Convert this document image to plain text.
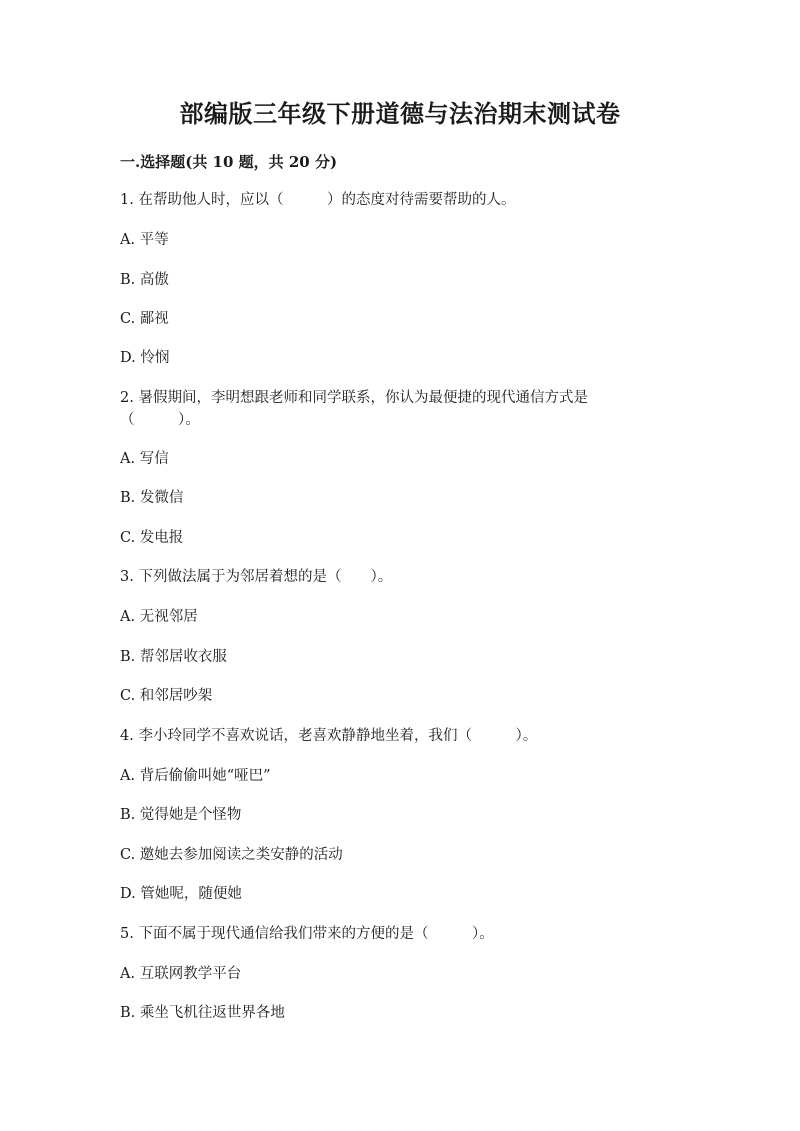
部编版三年级下册道德与法治期末测试卷
一.选择题(共 10 题，共 20 分)
1. 在帮助他人时，应以（　　　）的态度对待需要帮助的人。
A. 平等
B. 高傲
C. 鄙视
D. 怜悯
2. 暑假期间，李明想跟老师和同学联系，你认为最便捷的现代通信方式是
（　　　）。
A. 写信
B. 发微信
C. 发电报
3. 下列做法属于为邻居着想的是（　　）。
A. 无视邻居
B. 帮邻居收衣服
C. 和邻居吵架
4. 李小玲同学不喜欢说话，老喜欢静静地坐着，我们（　　　）。
A. 背后偷偷叫她“哑巴”
B. 觉得她是个怪物
C. 邀她去参加阅读之类安静的活动
D. 管她呢，随便她
5. 下面不属于现代通信给我们带来的方便的是（　　　）。
A. 互联网教学平台
B. 乘坐飞机往返世界各地
